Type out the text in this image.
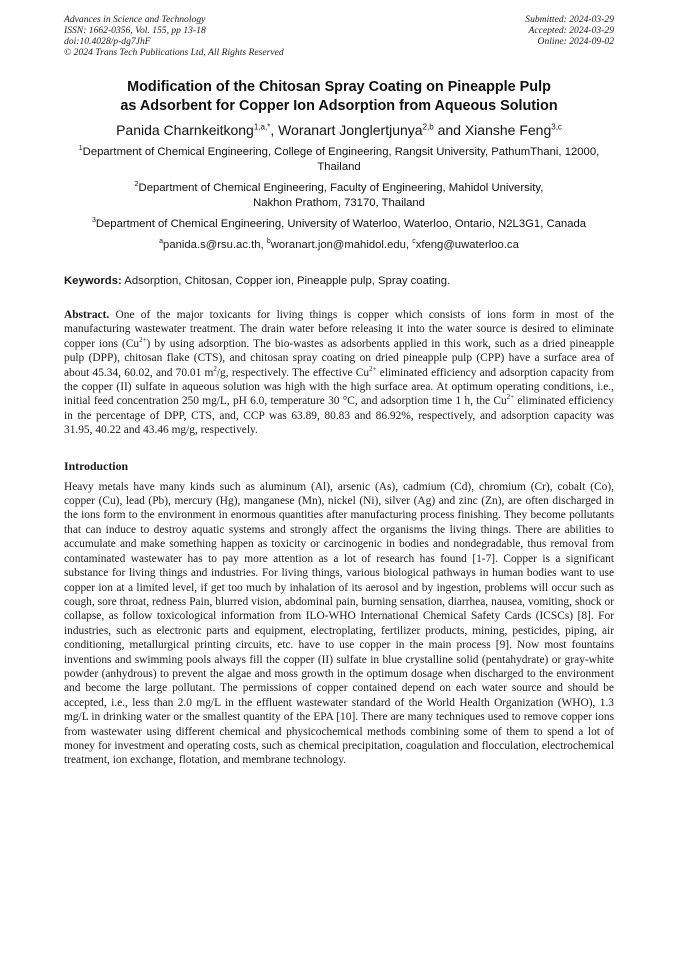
Advances in Science and Technology
ISSN: 1662-0356, Vol. 155, pp 13-18
doi:10.4028/p-dg7JhF
© 2024 Trans Tech Publications Ltd, All Rights Reserved
Submitted: 2024-03-29
Accepted: 2024-03-29
Online: 2024-09-02
Modification of the Chitosan Spray Coating on Pineapple Pulp
as Adsorbent for Copper Ion Adsorption from Aqueous Solution
Panida Charnkeitkong$^{1,a,*}$, Woranart Jonglertjunya$^{2,b}$ and Xianshe Feng$^{3,c}$
$^1$Department of Chemical Engineering, College of Engineering, Rangsit University, PathumThani, 12000, Thailand
$^2$Department of Chemical Engineering, Faculty of Engineering, Mahidol University, Nakhon Prathom, 73170, Thailand
$^3$Department of Chemical Engineering, University of Waterloo, Waterloo, Ontario, N2L3G1, Canada
$^a$panida.s@rsu.ac.th, $^b$woranart.jon@mahidol.edu, $^c$xfeng@uwaterloo.ca
Keywords: Adsorption, Chitosan, Copper ion, Pineapple pulp, Spray coating.
Abstract. One of the major toxicants for living things is copper which consists of ions form in most of the manufacturing wastewater treatment. The drain water before releasing it into the water source is desired to eliminate copper ions $(Cu^{2+})$ by using adsorption. The bio-wastes as adsorbents applied in this work, such as a dried pineapple pulp (DPP), chitosan flake (CTS), and chitosan spray coating on dried pineapple pulp (CPP) have a surface area of about 45.34, 60.02, and 70.01 $m^2/g$, respectively. The effective $Cu^{2+}$ eliminated efficiency and adsorption capacity from the copper (II) sulfate in aqueous solution was high with the high surface area. At optimum operating conditions, i.e., initial feed concentration 250 mg/L, pH 6.0, temperature 30 °C, and adsorption time 1 h, the $Cu^{2+}$ eliminated efficiency in the percentage of DPP, CTS, and, CCP was 63.89, 80.83 and 86.92%, respectively, and adsorption capacity was 31.95, 40.22 and 43.46 mg/g, respectively.
Introduction
Heavy metals have many kinds such as aluminum (Al), arsenic (As), cadmium (Cd), chromium (Cr), cobalt (Co), copper (Cu), lead (Pb), mercury (Hg), manganese (Mn), nickel (Ni), silver (Ag) and zinc (Zn), are often discharged in the ions form to the environment in enormous quantities after manufacturing process finishing. They become pollutants that can induce to destroy aquatic systems and strongly affect the organisms the living things. There are abilities to accumulate and make something happen as toxicity or carcinogenic in bodies and nondegradable, thus removal from contaminated wastewater has to pay more attention as a lot of research has found [1-7]. Copper is a significant substance for living things and industries. For living things, various biological pathways in human bodies want to use copper ion at a limited level, if get too much by inhalation of its aerosol and by ingestion, problems will occur such as cough, sore throat, redness Pain, blurred vision, abdominal pain, burning sensation, diarrhea, nausea, vomiting, shock or collapse, as follow toxicological information from ILO-WHO International Chemical Safety Cards (ICSCs) [8]. For industries, such as electronic parts and equipment, electroplating, fertilizer products, mining, pesticides, piping, air conditioning, metallurgical printing circuits, etc. have to use copper in the main process [9]. Now most fountains inventions and swimming pools always fill the copper (II) sulfate in blue crystalline solid (pentahydrate) or gray-white powder (anhydrous) to prevent the algae and moss growth in the optimum dosage when discharged to the environment and become the large pollutant. The permissions of copper contained depend on each water source and should be accepted, i.e., less than 2.0 mg/L in the effluent wastewater standard of the World Health Organization (WHO), 1.3 mg/L in drinking water or the smallest quantity of the EPA [10]. There are many techniques used to remove copper ions from wastewater using different chemical and physicochemical methods combining some of them to spend a lot of money for investment and operating costs, such as chemical precipitation, coagulation and flocculation, electrochemical treatment, ion exchange, flotation, and membrane technology.
